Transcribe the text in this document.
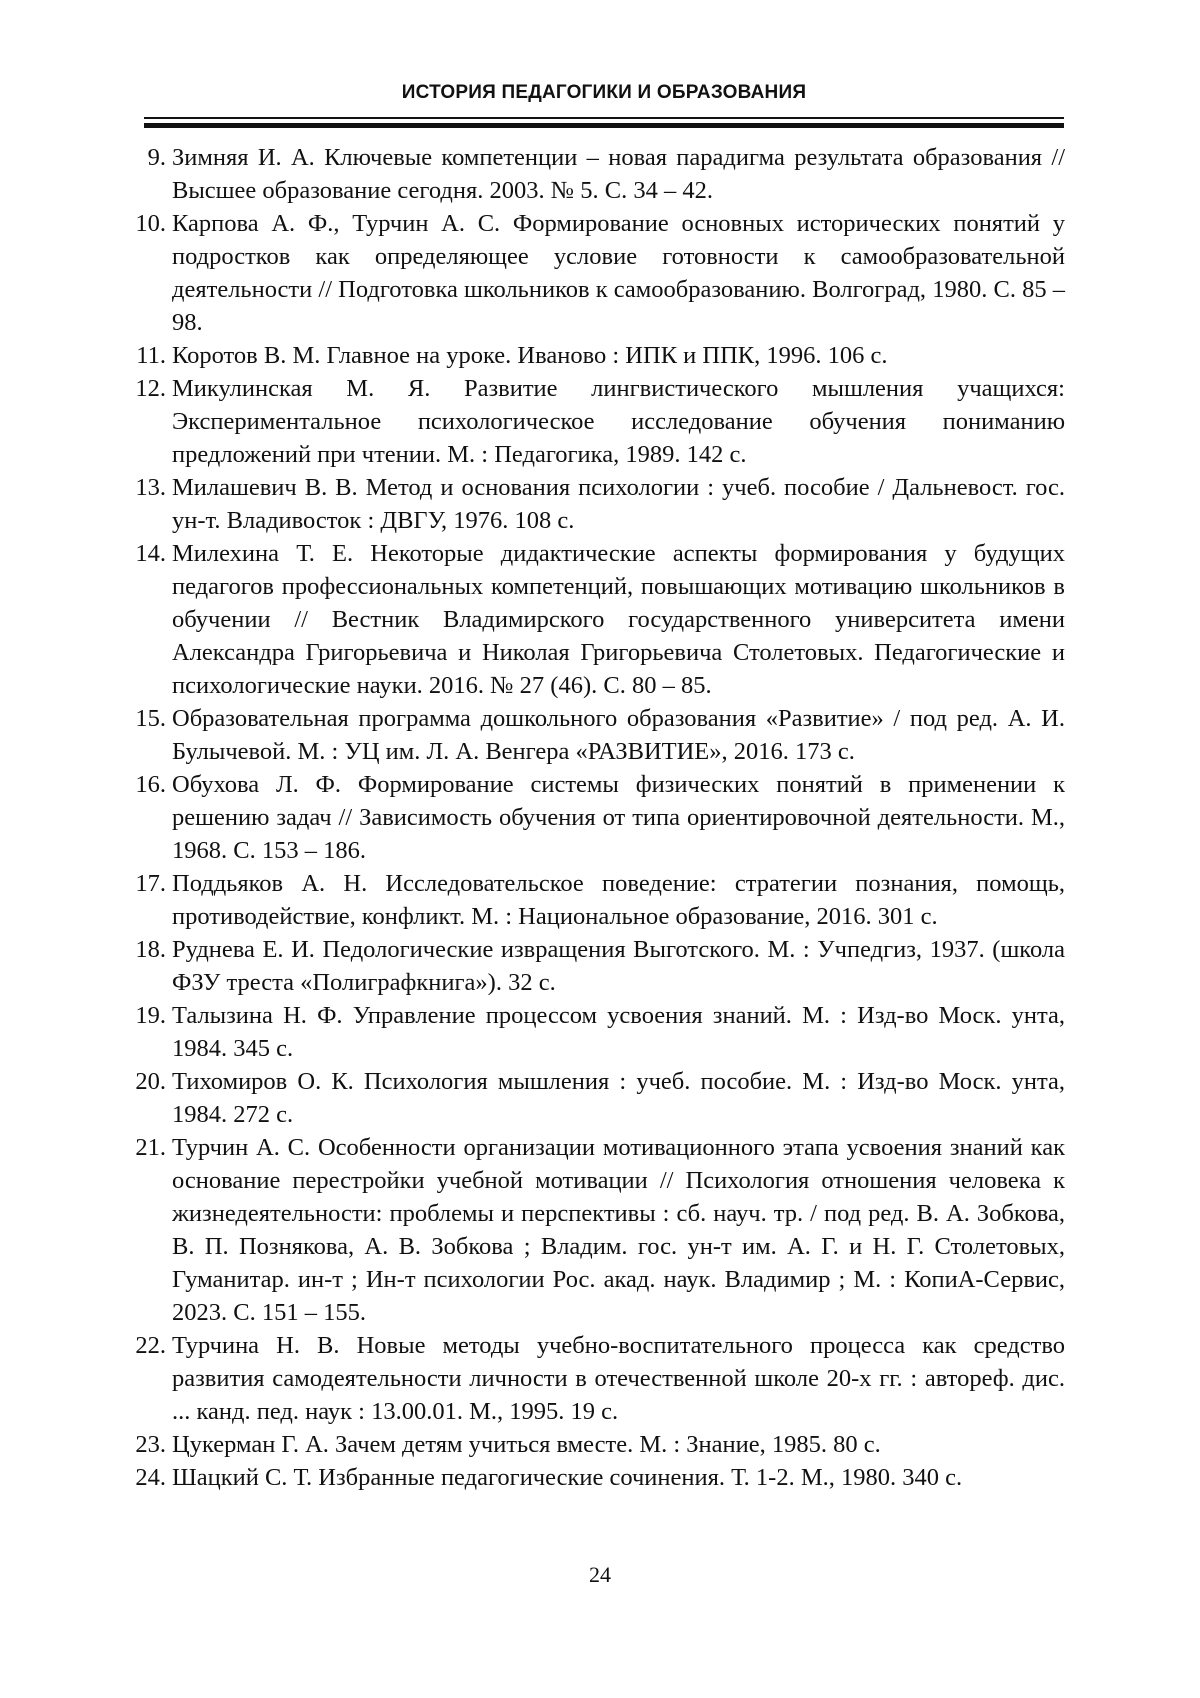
ИСТОРИЯ ПЕДАГОГИКИ И ОБРАЗОВАНИЯ
9. Зимняя И. А. Ключевые компетенции – новая парадигма результата образования // Высшее образование сегодня. 2003. № 5. С. 34 – 42.
10. Карпова А. Ф., Турчин А. С. Формирование основных исторических понятий у подростков как определяющее условие готовности к самообразовательной деятельности // Подготовка школьников к самообразованию. Волгоград, 1980. С. 85 – 98.
11. Коротов В. М. Главное на уроке. Иваново : ИПК и ППК, 1996. 106 с.
12. Микулинская М. Я. Развитие лингвистического мышления учащихся: Экспериментальное психологическое исследование обучения пониманию предложений при чтении. М. : Педагогика, 1989. 142 с.
13. Милашевич В. В. Метод и основания психологии : учеб. пособие / Дальневост. гос. ун-т. Владивосток : ДВГУ, 1976. 108 с.
14. Милехина Т. Е. Некоторые дидактические аспекты формирования у будущих педагогов профессиональных компетенций, повышающих мотивацию школьников в обучении // Вестник Владимирского государственного университета имени Александра Григорьевича и Николая Григорьевича Столетовых. Педагогические и психологические науки. 2016. № 27 (46). С. 80 – 85.
15. Образовательная программа дошкольного образования «Развитие» / под ред. А. И. Булычевой. М. : УЦ им. Л. А. Венгера «РАЗВИТИЕ», 2016. 173 с.
16. Обухова Л. Ф. Формирование системы физических понятий в применении к решению задач // Зависимость обучения от типа ориентировочной деятельности. М., 1968. С. 153 – 186.
17. Поддьяков А. Н. Исследовательское поведение: стратегии познания, помощь, противодействие, конфликт. М. : Национальное образование, 2016. 301 с.
18. Руднева Е. И. Педологические извращения Выготского. М. : Учпедгиз, 1937. (школа ФЗУ треста «Полиграфкнига»). 32 с.
19. Талызина Н. Ф. Управление процессом усвоения знаний. М. : Изд-во Моск. унта, 1984. 345 с.
20. Тихомиров О. К. Психология мышления : учеб. пособие. М. : Изд-во Моск. унта, 1984. 272 с.
21. Турчин А. С. Особенности организации мотивационного этапа усвоения знаний как основание перестройки учебной мотивации // Психология отношения человека к жизнедеятельности: проблемы и перспективы : сб. науч. тр. / под ред. В. А. Зобкова, В. П. Познякова, А. В. Зобкова ; Владим. гос. ун-т им. А. Г. и Н. Г. Столетовых, Гуманитар. ин-т ; Ин-т психологии Рос. акад. наук. Владимир ; М. : КопиА-Сервис, 2023. С. 151 – 155.
22. Турчина Н. В. Новые методы учебно-воспитательного процесса как средство развития самодеятельности личности в отечественной школе 20-х гг. : автореф. дис. ... канд. пед. наук : 13.00.01. М., 1995. 19 с.
23. Цукерман Г. А. Зачем детям учиться вместе. М. : Знание, 1985. 80 с.
24. Шацкий С. Т. Избранные педагогические сочинения. Т. 1-2. М., 1980. 340 с.
24
